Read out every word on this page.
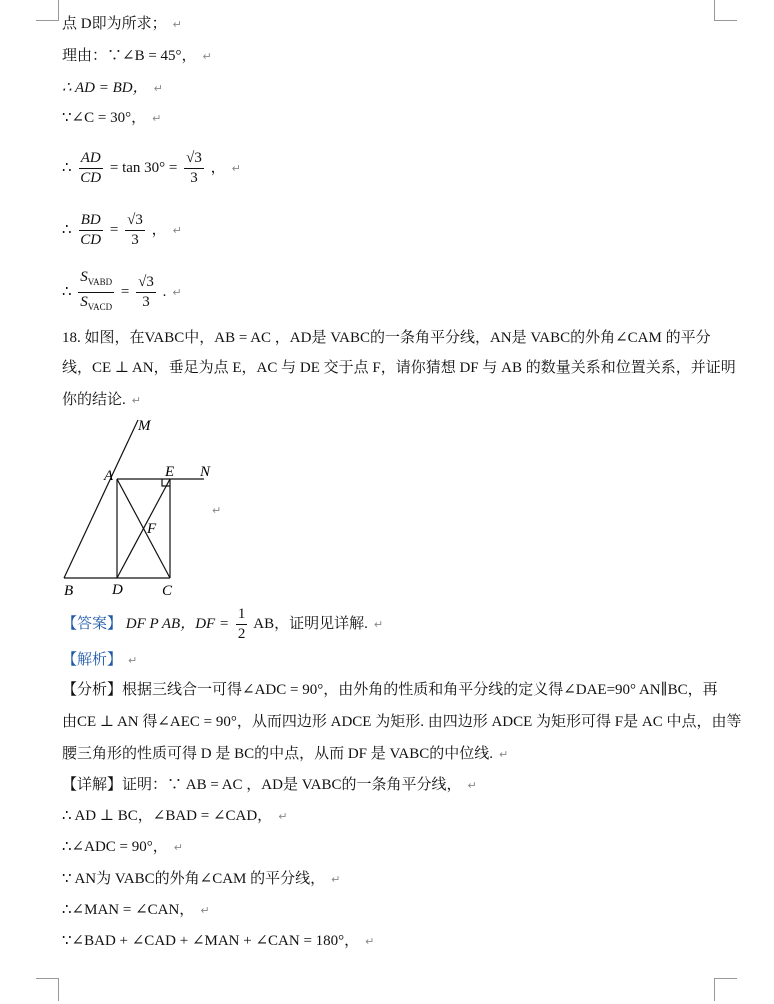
点 D即为所求； ↵
理由：∵∠B = 45°， ↵
∴ AD = BD， ↵
∵∠C = 30°， ↵
∴ $\frac{AD}{CD} = \tan 30^\circ = \frac{√3}{3}$ ， ↵
∴ $\frac{BD}{CD} = \frac{√3}{3}$ ， ↵
∴ $\frac{S_{VABD}}{S_{VACD}} = \frac{√3}{3}$ . ↵
18. 如图，在VABC中，AB = AC ，AD是 VABC的一条角平分线，AN是 VABC的外角∠CAM 的平分
线，CE ⊥ AN，垂足为点 E，AC 与 DE 交于点 F，请你猜想 DF 与 AB 的数量关系和位置关系，并证明
你的结论. ↵
M
A	E N
F
B	D	C
↵
【答案】 DF P AB，DF = $\frac{1}{2}$ AB，证明见详解. ↵
【解析】 ↵
【分析】根据三线合一可得∠ADC = 90°，由外角的性质和角平分线的定义得∠DAE=90° AN∥BC，再
由CE ⊥ AN 得∠AEC = 90°，从而四边形 ADCE 为矩形. 由四边形 ADCE 为矩形可得 F是 AC 中点，由等
腰三角形的性质可得 D 是 BC的中点，从而 DF 是 VABC的中位线. ↵
【详解】证明：∵ AB = AC ，AD是 VABC的一条角平分线， ↵
∴ AD ⊥ BC，∠BAD = ∠CAD， ↵
∴∠ADC = 90°， ↵
∵ AN为 VABC的外角∠CAM 的平分线， ↵
∴∠MAN = ∠CAN， ↵
∵∠BAD + ∠CAD + ∠MAN + ∠CAN = 180°， ↵
